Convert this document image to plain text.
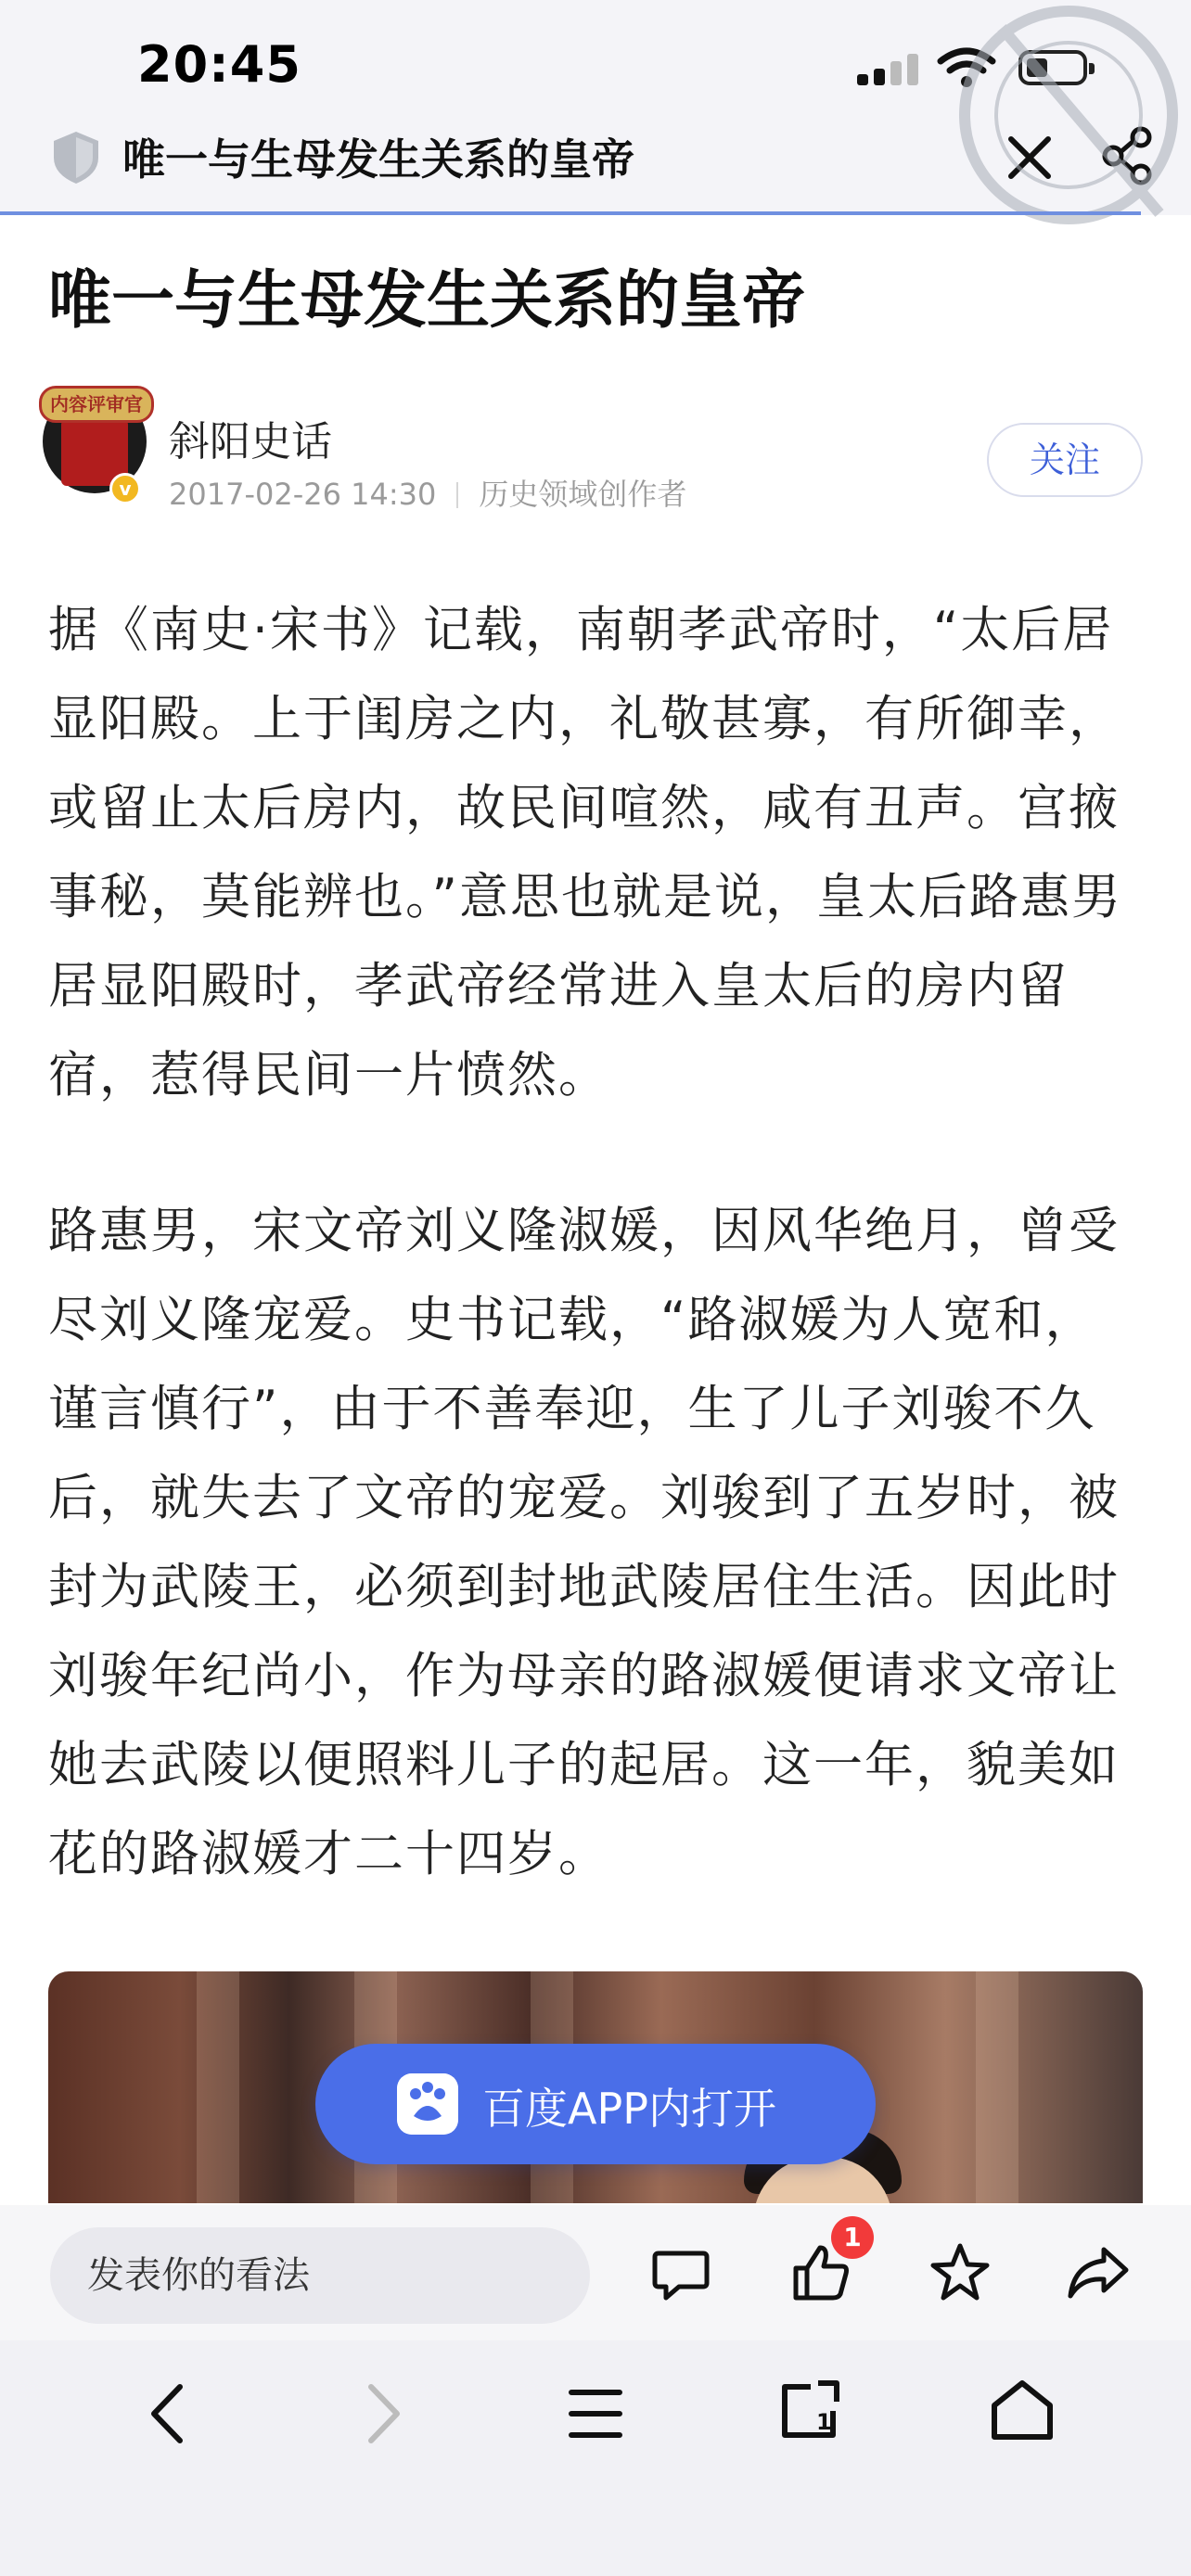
20:45
唯一与生母发生关系的皇帝
唯一与生母发生关系的皇帝
内容评审官
v
斜阳史话
2017-02-26 14:30 历史领域创作者
关注
据《南史·宋书》记载，南朝孝武帝时，“太后居显阳殿。上于闺房之内，礼敬甚寡，有所御幸，或留止太后房内，故民间喧然，咸有丑声。宫掖事秘，莫能辨也。”意思也就是说，皇太后路惠男居显阳殿时，孝武帝经常进入皇太后的房内留宿，惹得民间一片愤然。
路惠男，宋文帝刘义隆淑媛，因风华绝月，曾受尽刘义隆宠爱。史书记载，“路淑媛为人宽和，谨言慎行”，由于不善奉迎，生了儿子刘骏不久后，就失去了文帝的宠爱。刘骏到了五岁时，被封为武陵王，必须到封地武陵居住生活。因此时刘骏年纪尚小，作为母亲的路淑媛便请求文帝让她去武陵以便照料儿子的起居。这一年，貌美如花的路淑媛才二十四岁。
百度APP内打开
发表你的看法
1
1
